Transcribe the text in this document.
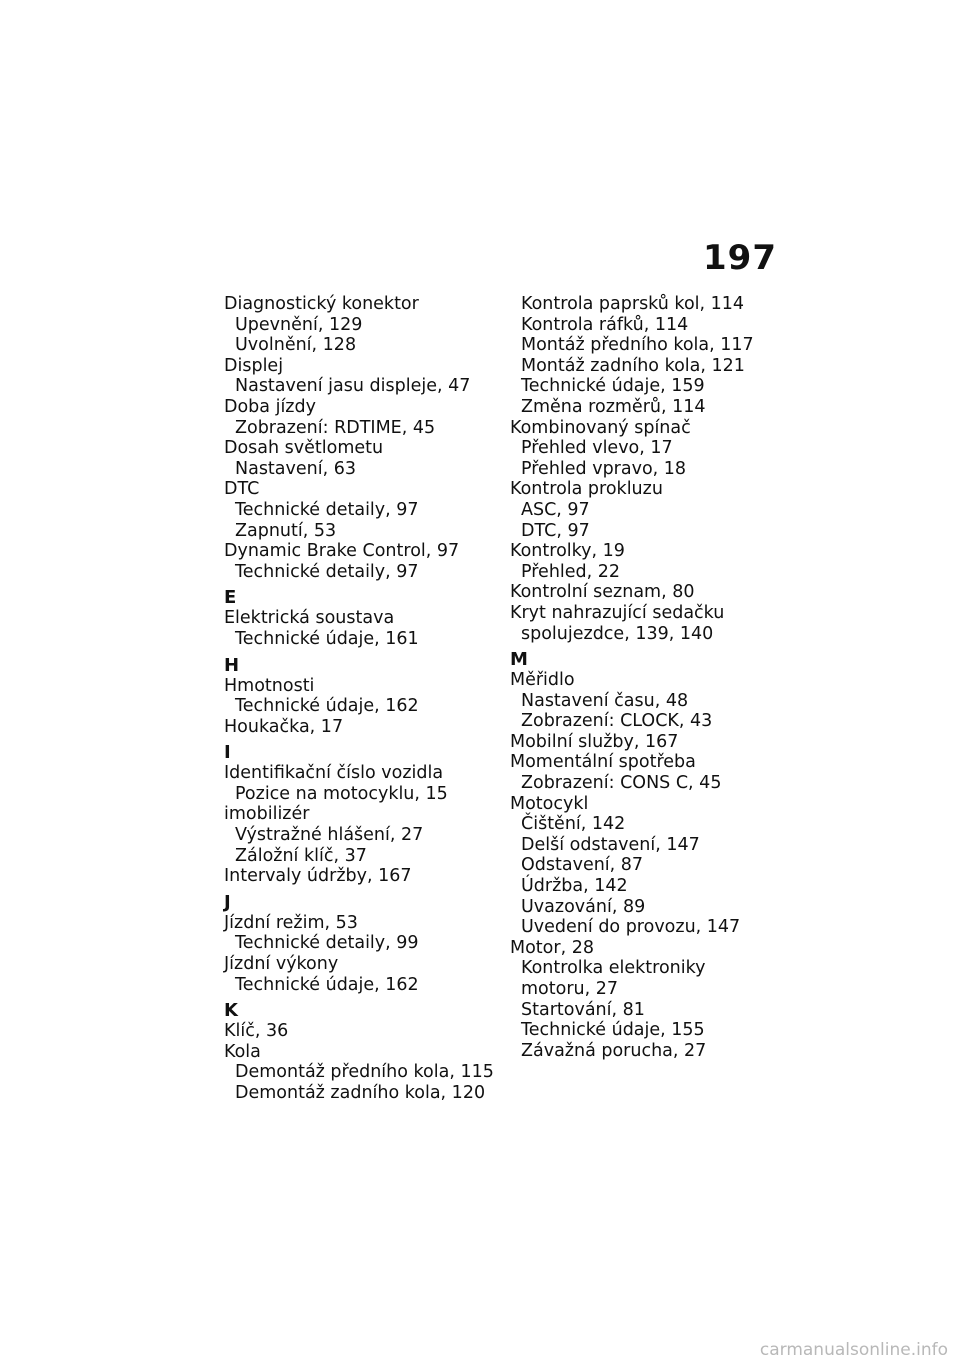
197
Diagnostický konektor
Upevnění, 129
Uvolnění, 128
Displej
Nastavení jasu displeje, 47
Doba jízdy
Zobrazení: RDTIME, 45
Dosah světlometu
Nastavení, 63
DTC
Technické detaily, 97
Zapnutí, 53
Dynamic Brake Control, 97
Technické detaily, 97
E
Elektrická soustava
Technické údaje, 161
H
Hmotnosti
Technické údaje, 162
Houkačka, 17
I
Identifikační číslo vozidla
Pozice na motocyklu, 15
imobilizér
Výstražné hlášení, 27
Záložní klíč, 37
Intervaly údržby, 167
J
Jízdní režim, 53
Technické detaily, 99
Jízdní výkony
Technické údaje, 162
K
Klíč, 36
Kola
Demontáž předního kola, 115
Demontáž zadního kola, 120
Kontrola paprsků kol, 114
Kontrola ráfků, 114
Montáž předního kola, 117
Montáž zadního kola, 121
Technické údaje, 159
Změna rozměrů, 114
Kombinovaný spínač
Přehled vlevo, 17
Přehled vpravo, 18
Kontrola prokluzu
ASC, 97
DTC, 97
Kontrolky, 19
Přehled, 22
Kontrolní seznam, 80
Kryt nahrazující sedačku
spolujezdce, 139, 140
M
Měřidlo
Nastavení času, 48
Zobrazení: CLOCK, 43
Mobilní služby, 167
Momentální spotřeba
Zobrazení: CONS C, 45
Motocykl
Čištění, 142
Delší odstavení, 147
Odstavení, 87
Údržba, 142
Uvazování, 89
Uvedení do provozu, 147
Motor, 28
Kontrolka elektroniky
motoru, 27
Startování, 81
Technické údaje, 155
Závažná porucha, 27
carmanualsonline.info
